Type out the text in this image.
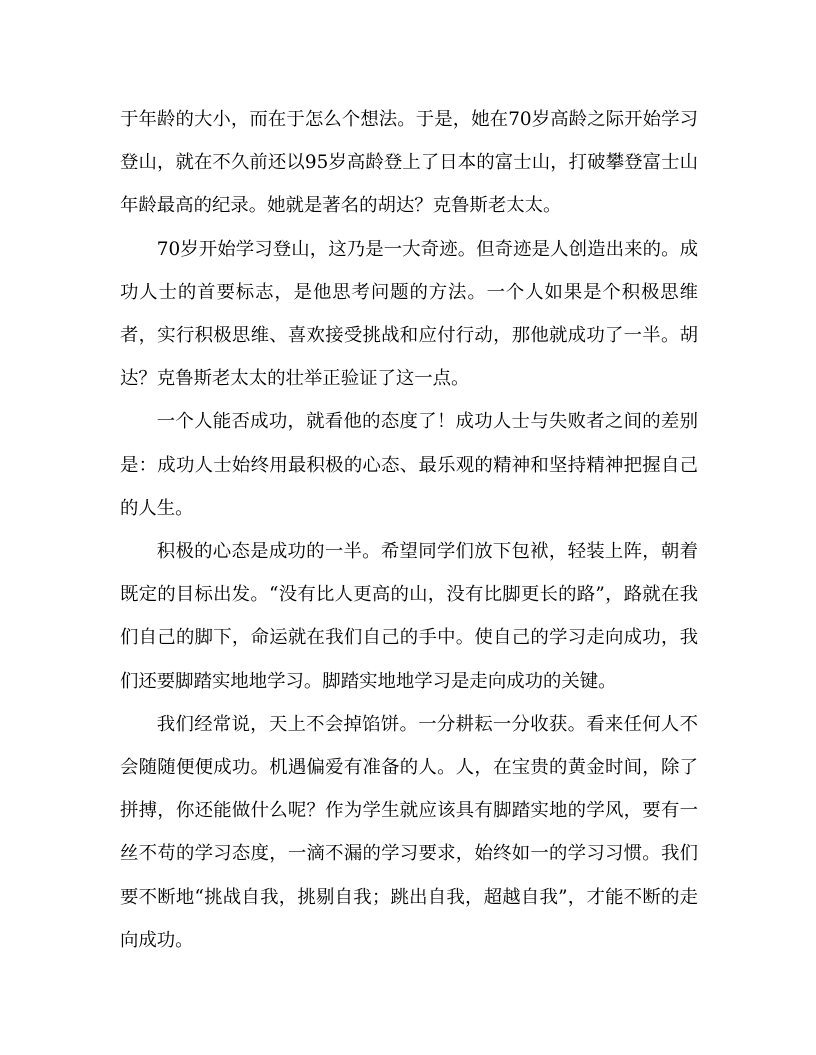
于年龄的大小，而在于怎么个想法。于是，她在70岁高龄之际开始学习登山，就在不久前还以95岁高龄登上了日本的富士山，打破攀登富士山年龄最高的纪录。她就是著名的胡达？克鲁斯老太太。

70岁开始学习登山，这乃是一大奇迹。但奇迹是人创造出来的。成功人士的首要标志，是他思考问题的方法。一个人如果是个积极思维者，实行积极思维、喜欢接受挑战和应付行动，那他就成功了一半。胡达？克鲁斯老太太的壮举正验证了这一点。

一个人能否成功，就看他的态度了！成功人士与失败者之间的差别是：成功人士始终用最积极的心态、最乐观的精神和坚持精神把握自己的人生。

积极的心态是成功的一半。希望同学们放下包袱，轻装上阵，朝着既定的目标出发。“没有比人更高的山，没有比脚更长的路”，路就在我们自己的脚下，命运就在我们自己的手中。使自己的学习走向成功，我们还要脚踏实地地学习。脚踏实地地学习是走向成功的关键。

我们经常说，天上不会掉馅饼。一分耕耘一分收获。看来任何人不会随随便便成功。机遇偏爱有准备的人。人，在宝贵的黄金时间，除了拼搏，你还能做什么呢？作为学生就应该具有脚踏实地的学风，要有一丝不苟的学习态度，一滴不漏的学习要求，始终如一的学习习惯。我们要不断地“挑战自我，挑剔自我；跳出自我，超越自我”，才能不断的走向成功。
